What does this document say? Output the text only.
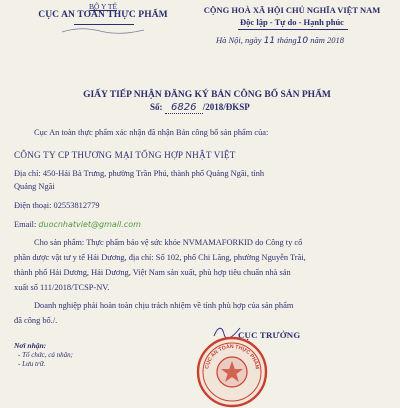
BỘ Y TẾ
CỤC AN TOÀN THỰC PHẨM	CỘNG HOÀ XÃ HỘI CHỦ NGHĨA VIỆT NAM
Độc lập - Tự do - Hạnh phúc
Hà Nội, ngày 11 tháng10 năm 2018
GIẤY TIẾP NHẬN ĐĂNG KÝ BẢN CÔNG BỐ SẢN PHẨM
Số: 6826 /2018/ĐKSP
Cục An toàn thực phẩm xác nhận đã nhận Bản công bố sản phẩm của:
CÔNG TY CP THƯƠNG MẠI TỔNG HỢP NHẬT VIỆT
Địa chỉ: 450-Hải Bà Trưng, phường Trần Phú, thành phố Quảng Ngãi, tỉnh
Quảng Ngãi
Điện thoại: 02553812779
Email: duocnhatviet@gmail.com
Cho sản phẩm: Thực phẩm bảo vệ sức khỏe NVMAMAFORKID do Công ty cổ
phần dược vật tư y tế Hải Dương, địa chỉ: Số 102, phố Chi Lăng, phường Nguyễn Trãi,
thành phố Hải Dương, Hải Dương, Việt Nam sản xuất, phù hợp tiêu chuẩn nhà sản
xuất số 111/2018/TCSP-NV.
Doanh nghiệp phải hoàn toàn chịu trách nhiệm về tính phù hợp của sản phẩm
đã công bố./.
Nơi nhận:
- Tổ chức, cá nhân;
- Lưu trữ.
CỤC TRƯỞNG
CỤC AN TOÀN THỰC PHẨM
